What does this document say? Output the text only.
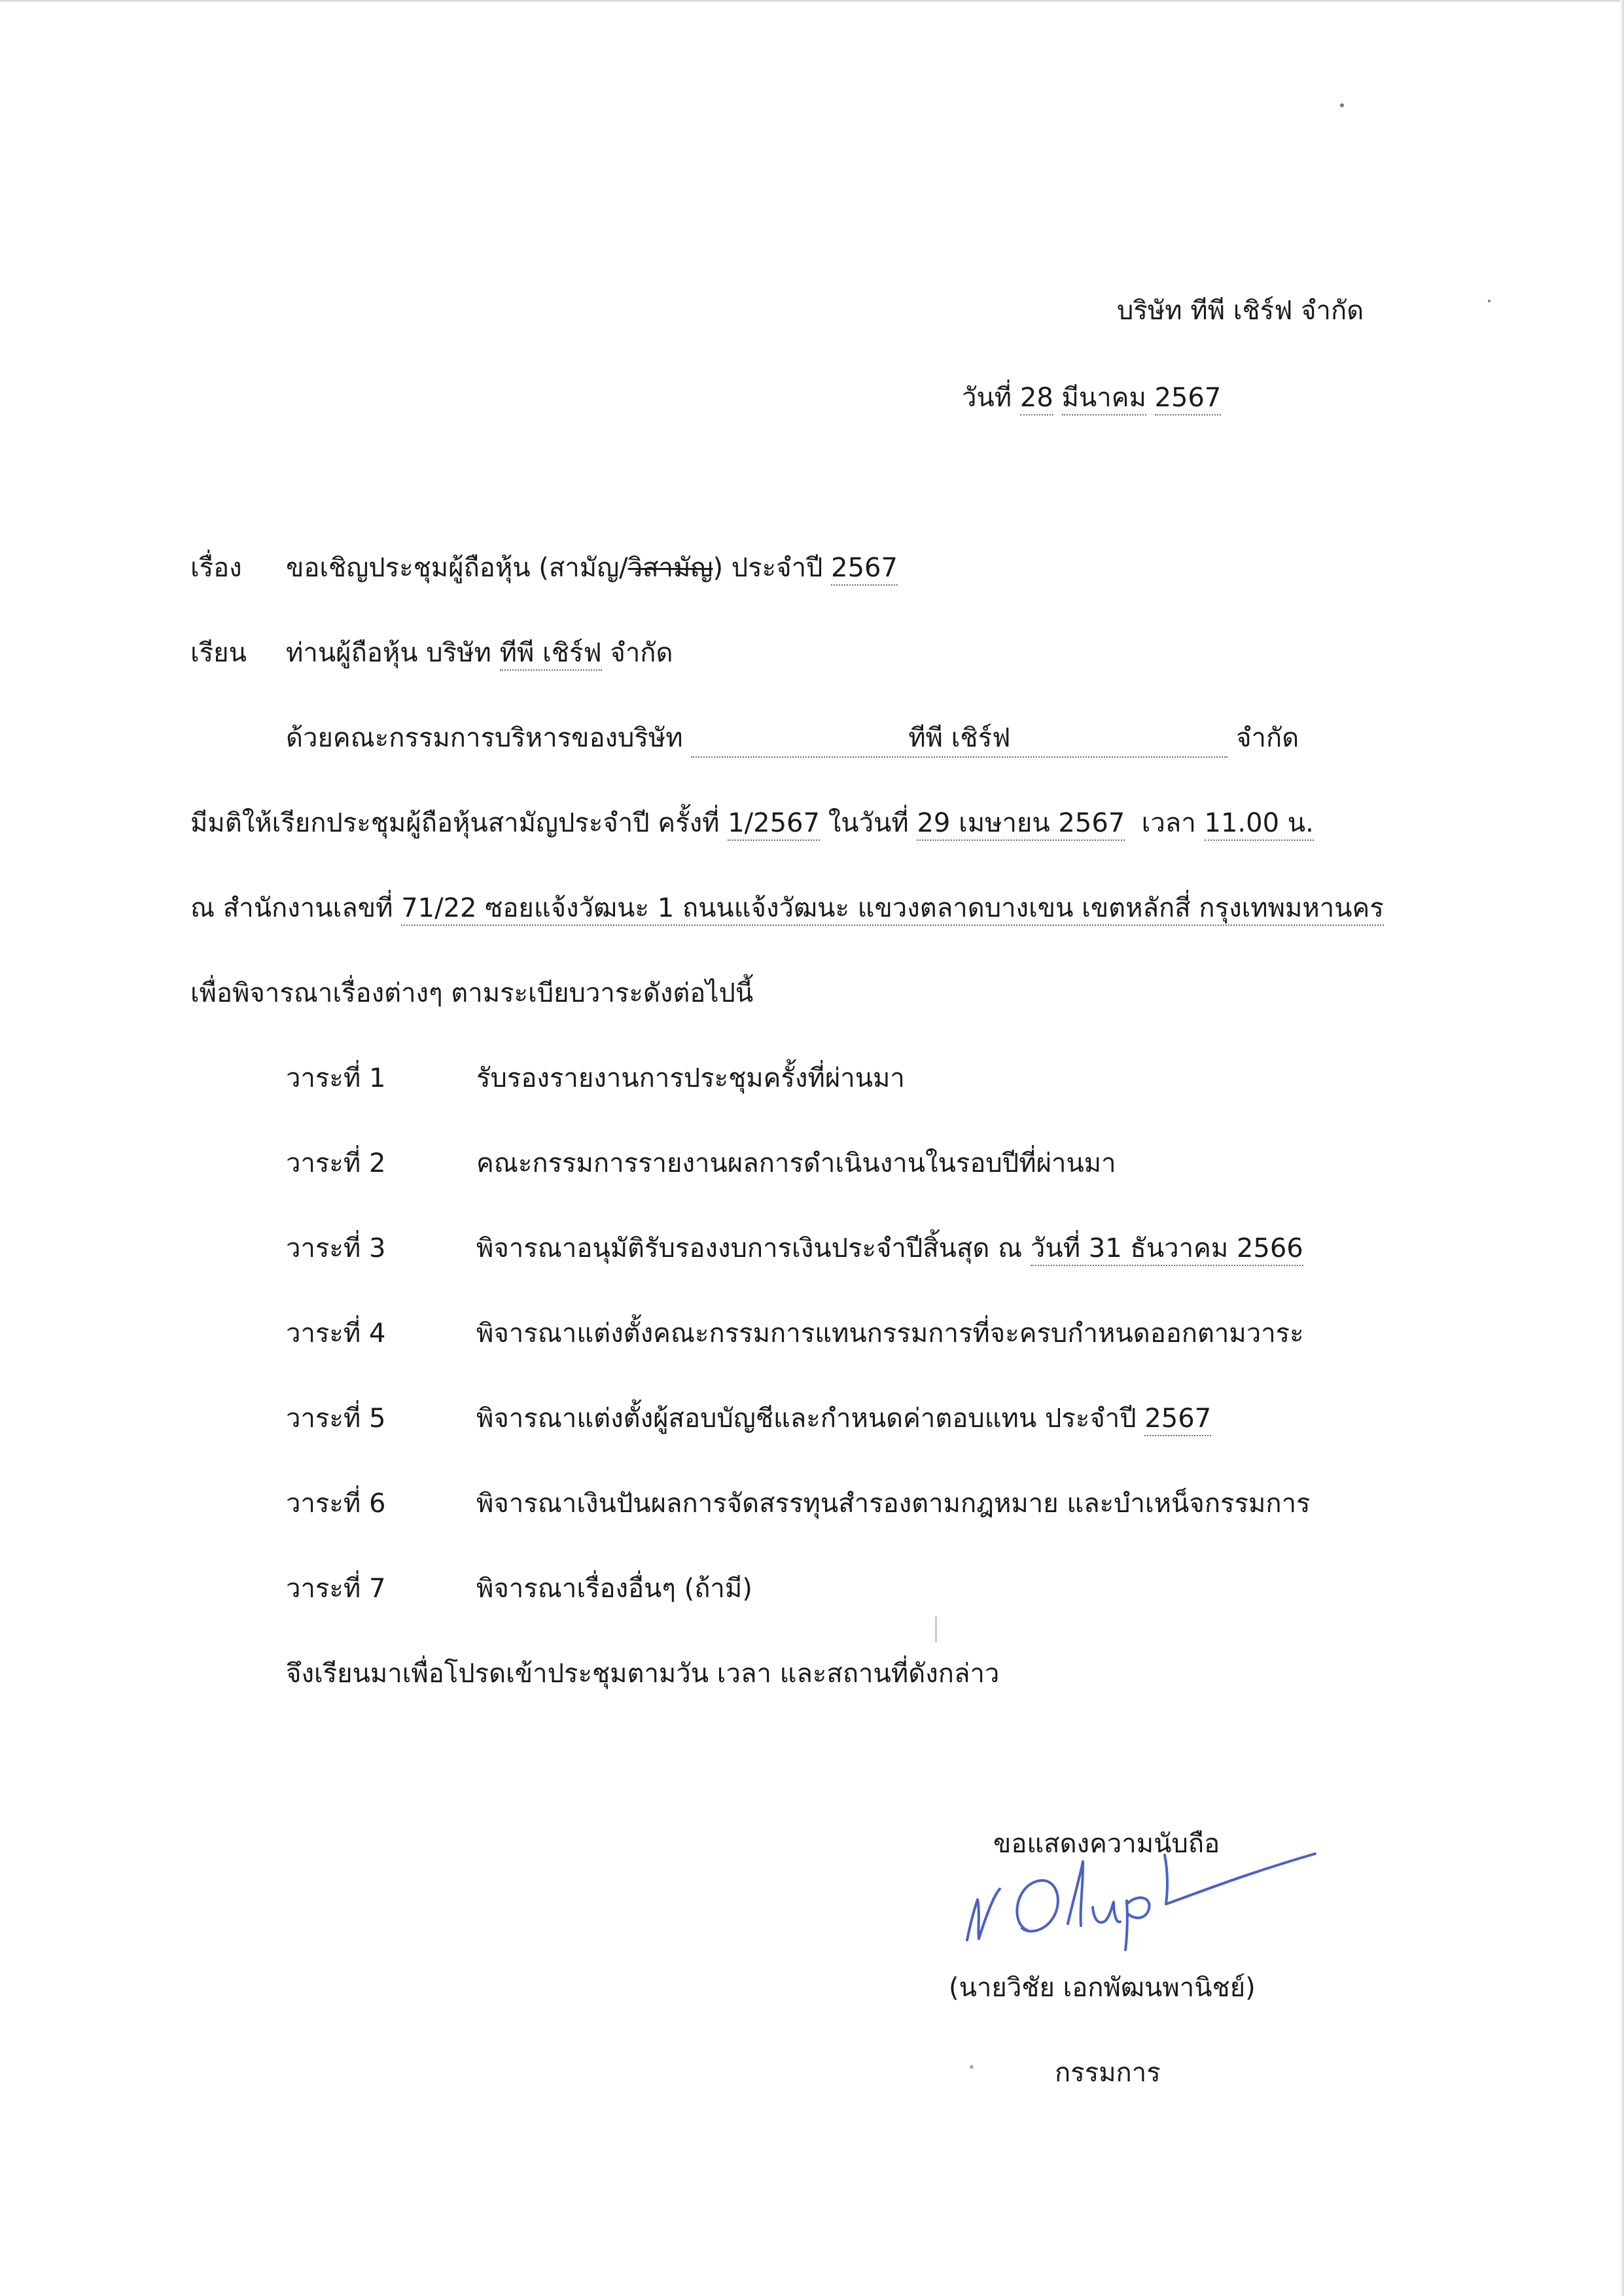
บริษัท ทีพี เชิร์ฟ จำกัด
วันที่ 28 มีนาคม 2567
เรื่อง ขอเชิญประชุมผู้ถือหุ้น (สามัญ/วิสามัญ) ประจำปี 2567
เรียน ท่านผู้ถือหุ้น บริษัท ทีพี เชิร์ฟ จำกัด
ด้วยคณะกรรมการบริหารของบริษัท	ทีพี เชิร์ฟ	จำกัด
มีมติให้เรียกประชุมผู้ถือหุ้นสามัญประจำปี ครั้งที่ 1/2567 ในวันที่ 29 เมษายน 2567 เวลา 11.00 น.
ณ สำนักงานเลขที่ 71/22 ซอยแจ้งวัฒนะ 1 ถนนแจ้งวัฒนะ แขวงตลาดบางเขน เขตหลักสี่ กรุงเทพมหานคร
เพื่อพิจารณาเรื่องต่างๆ ตามระเบียบวาระดังต่อไปนี้
วาระที่ 1	รับรองรายงานการประชุมครั้งที่ผ่านมา
วาระที่ 2	คณะกรรมการรายงานผลการดำเนินงานในรอบปีที่ผ่านมา
วาระที่ 3	พิจารณาอนุมัติรับรองงบการเงินประจำปีสิ้นสุด ณ วันที่ 31 ธันวาคม 2566
วาระที่ 4	พิจารณาแต่งตั้งคณะกรรมการแทนกรรมการที่จะครบกำหนดออกตามวาระ
วาระที่ 5	พิจารณาแต่งตั้งผู้สอบบัญชีและกำหนดค่าตอบแทน ประจำปี 2567
วาระที่ 6	พิจารณาเงินปันผลการจัดสรรทุนสำรองตามกฎหมาย และบำเหน็จกรรมการ
วาระที่ 7	พิจารณาเรื่องอื่นๆ (ถ้ามี)
จึงเรียนมาเพื่อโปรดเข้าประชุมตามวัน เวลา และสถานที่ดังกล่าว
ขอแสดงความนับถือ
ก Olup
(นายวิชัย เอกพัฒนพานิชย์)
กรรมการ
